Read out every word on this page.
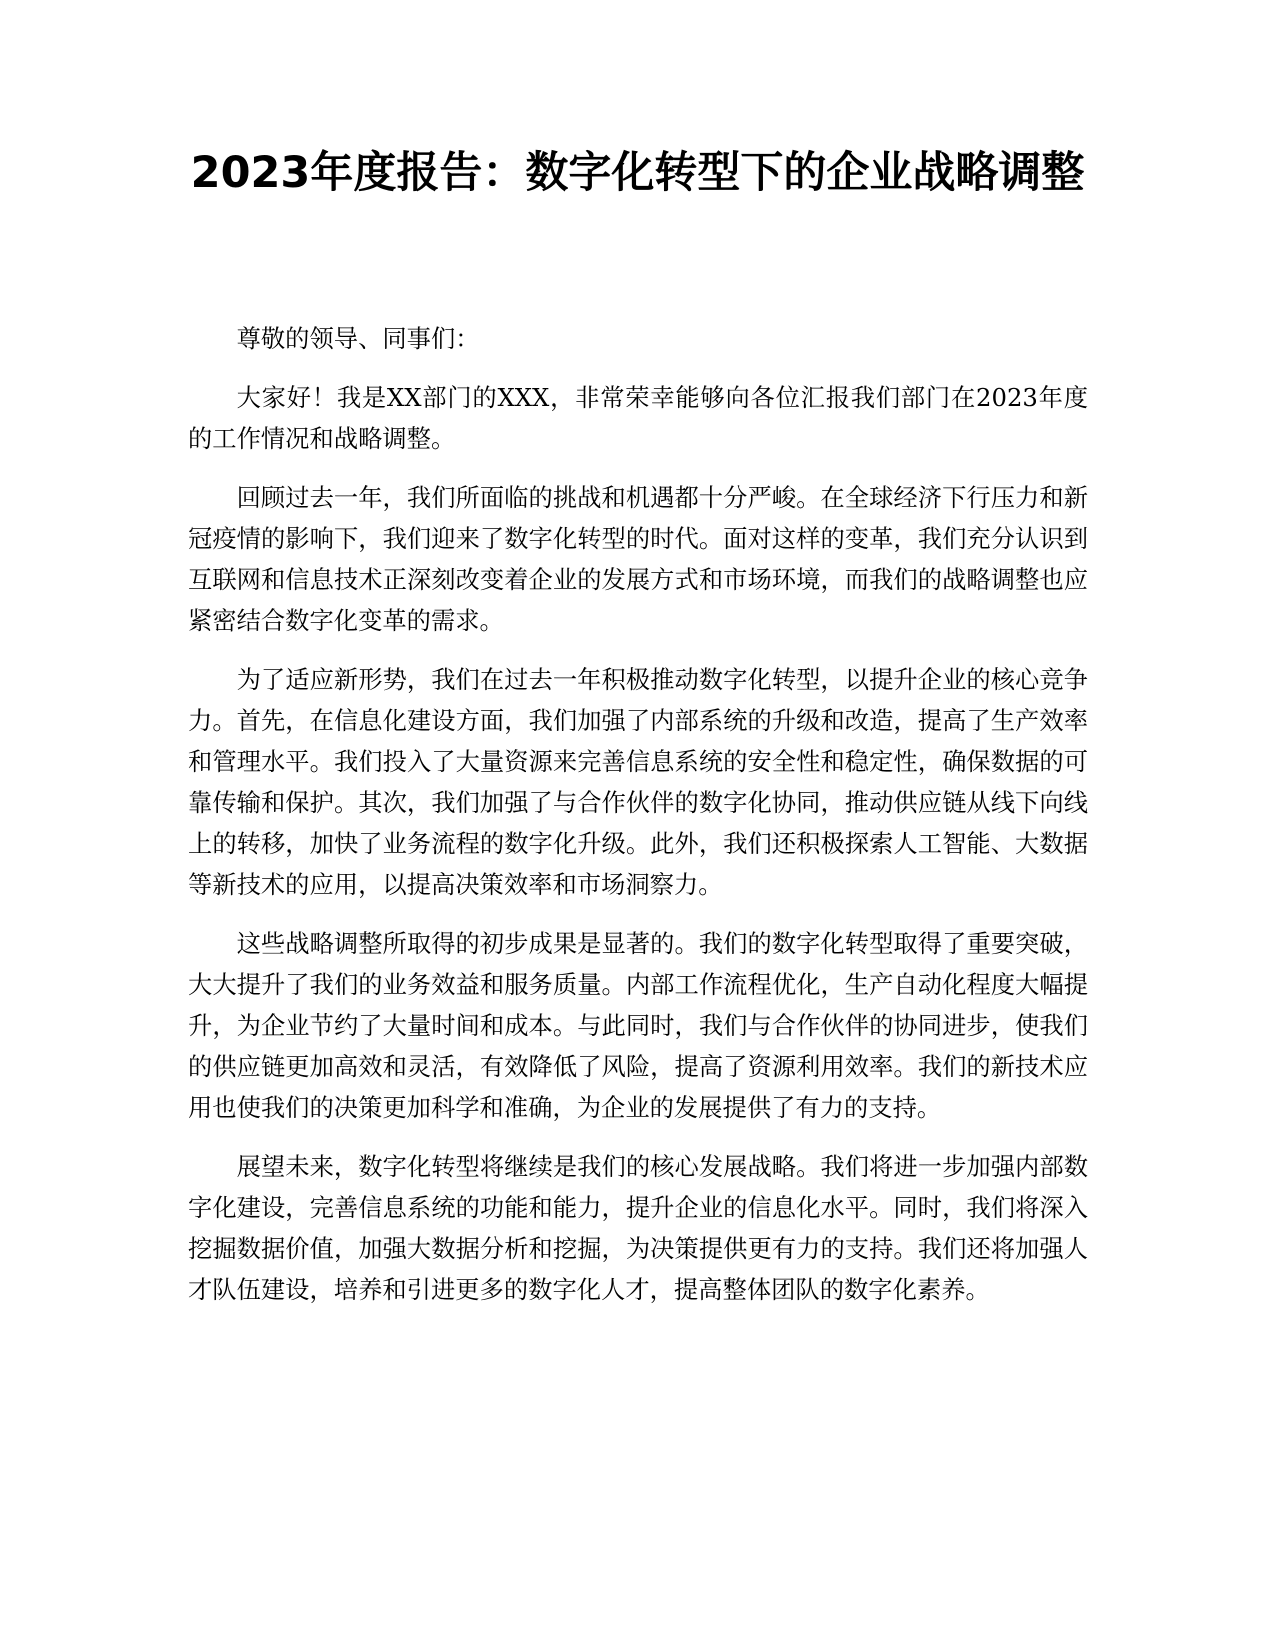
2023年度报告：数字化转型下的企业战略调整

尊敬的领导、同事们：

大家好！我是XX部门的XXX，非常荣幸能够向各位汇报我们部门在2023年度的工作情况和战略调整。

回顾过去一年，我们所面临的挑战和机遇都十分严峻。在全球经济下行压力和新冠疫情的影响下，我们迎来了数字化转型的时代。面对这样的变革，我们充分认识到互联网和信息技术正深刻改变着企业的发展方式和市场环境，而我们的战略调整也应紧密结合数字化变革的需求。

为了适应新形势，我们在过去一年积极推动数字化转型，以提升企业的核心竞争力。首先，在信息化建设方面，我们加强了内部系统的升级和改造，提高了生产效率和管理水平。我们投入了大量资源来完善信息系统的安全性和稳定性，确保数据的可靠传输和保护。其次，我们加强了与合作伙伴的数字化协同，推动供应链从线下向线上的转移，加快了业务流程的数字化升级。此外，我们还积极探索人工智能、大数据等新技术的应用，以提高决策效率和市场洞察力。

这些战略调整所取得的初步成果是显著的。我们的数字化转型取得了重要突破，大大提升了我们的业务效益和服务质量。内部工作流程优化，生产自动化程度大幅提升，为企业节约了大量时间和成本。与此同时，我们与合作伙伴的协同进步，使我们的供应链更加高效和灵活，有效降低了风险，提高了资源利用效率。我们的新技术应用也使我们的决策更加科学和准确，为企业的发展提供了有力的支持。

展望未来，数字化转型将继续是我们的核心发展战略。我们将进一步加强内部数字化建设，完善信息系统的功能和能力，提升企业的信息化水平。同时，我们将深入挖掘数据价值，加强大数据分析和挖掘，为决策提供更有力的支持。我们还将加强人才队伍建设，培养和引进更多的数字化人才，提高整体团队的数字化素养。
